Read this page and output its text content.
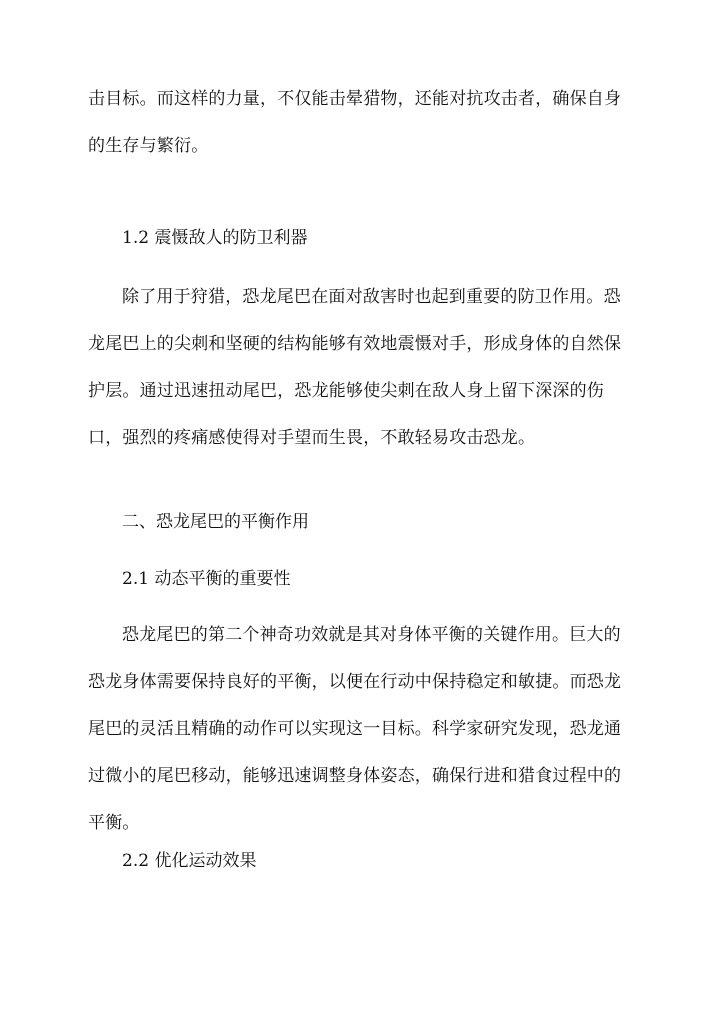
击目标。而这样的力量，不仅能击晕猎物，还能对抗攻击者，确保自身的生存与繁衍。

1.2 震慑敌人的防卫利器

除了用于狩猎，恐龙尾巴在面对敌害时也起到重要的防卫作用。恐龙尾巴上的尖刺和坚硬的结构能够有效地震慑对手，形成身体的自然保护层。通过迅速扭动尾巴，恐龙能够使尖刺在敌人身上留下深深的伤口，强烈的疼痛感使得对手望而生畏，不敢轻易攻击恐龙。

二、恐龙尾巴的平衡作用

2.1 动态平衡的重要性

恐龙尾巴的第二个神奇功效就是其对身体平衡的关键作用。巨大的恐龙身体需要保持良好的平衡，以便在行动中保持稳定和敏捷。而恐龙尾巴的灵活且精确的动作可以实现这一目标。科学家研究发现，恐龙通过微小的尾巴移动，能够迅速调整身体姿态，确保行进和猎食过程中的平衡。

2.2 优化运动效果
